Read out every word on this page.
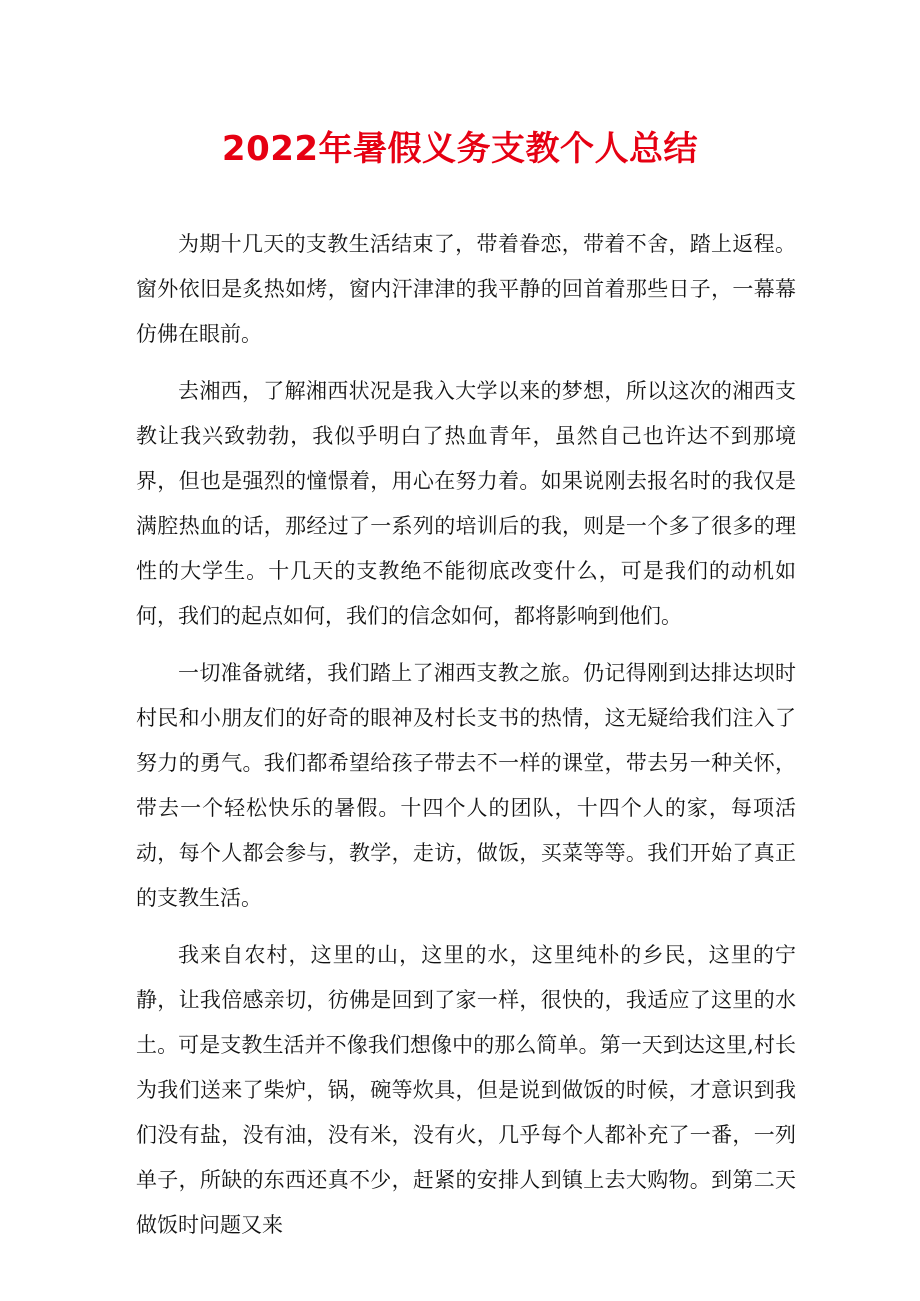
2022年暑假义务支教个人总结

为期十几天的支教生活结束了，带着眷恋，带着不舍，踏上返程。窗外依旧是炙热如烤，窗内汗津津的我平静的回首着那些日子，一幕幕仿佛在眼前。

去湘西，了解湘西状况是我入大学以来的梦想，所以这次的湘西支教让我兴致勃勃，我似乎明白了热血青年，虽然自己也许达不到那境界，但也是强烈的憧憬着，用心在努力着。如果说刚去报名时的我仅是满腔热血的话，那经过了一系列的培训后的我，则是一个多了很多的理性的大学生。十几天的支教绝不能彻底改变什么，可是我们的动机如何，我们的起点如何，我们的信念如何，都将影响到他们。

一切准备就绪，我们踏上了湘西支教之旅。仍记得刚到达排达坝时村民和小朋友们的好奇的眼神及村长支书的热情，这无疑给我们注入了努力的勇气。我们都希望给孩子带去不一样的课堂，带去另一种关怀，带去一个轻松快乐的暑假。十四个人的团队，十四个人的家，每项活动，每个人都会参与，教学，走访，做饭，买菜等等。我们开始了真正的支教生活。

我来自农村，这里的山，这里的水，这里纯朴的乡民，这里的宁静，让我倍感亲切，彷佛是回到了家一样，很快的，我适应了这里的水土。可是支教生活并不像我们想像中的那么简单。第一天到达这里,村长为我们送来了柴炉，锅，碗等炊具，但是说到做饭的时候，才意识到我们没有盐，没有油，没有米，没有火，几乎每个人都补充了一番，一列单子，所缺的东西还真不少，赶紧的安排人到镇上去大购物。到第二天做饭时问题又来
